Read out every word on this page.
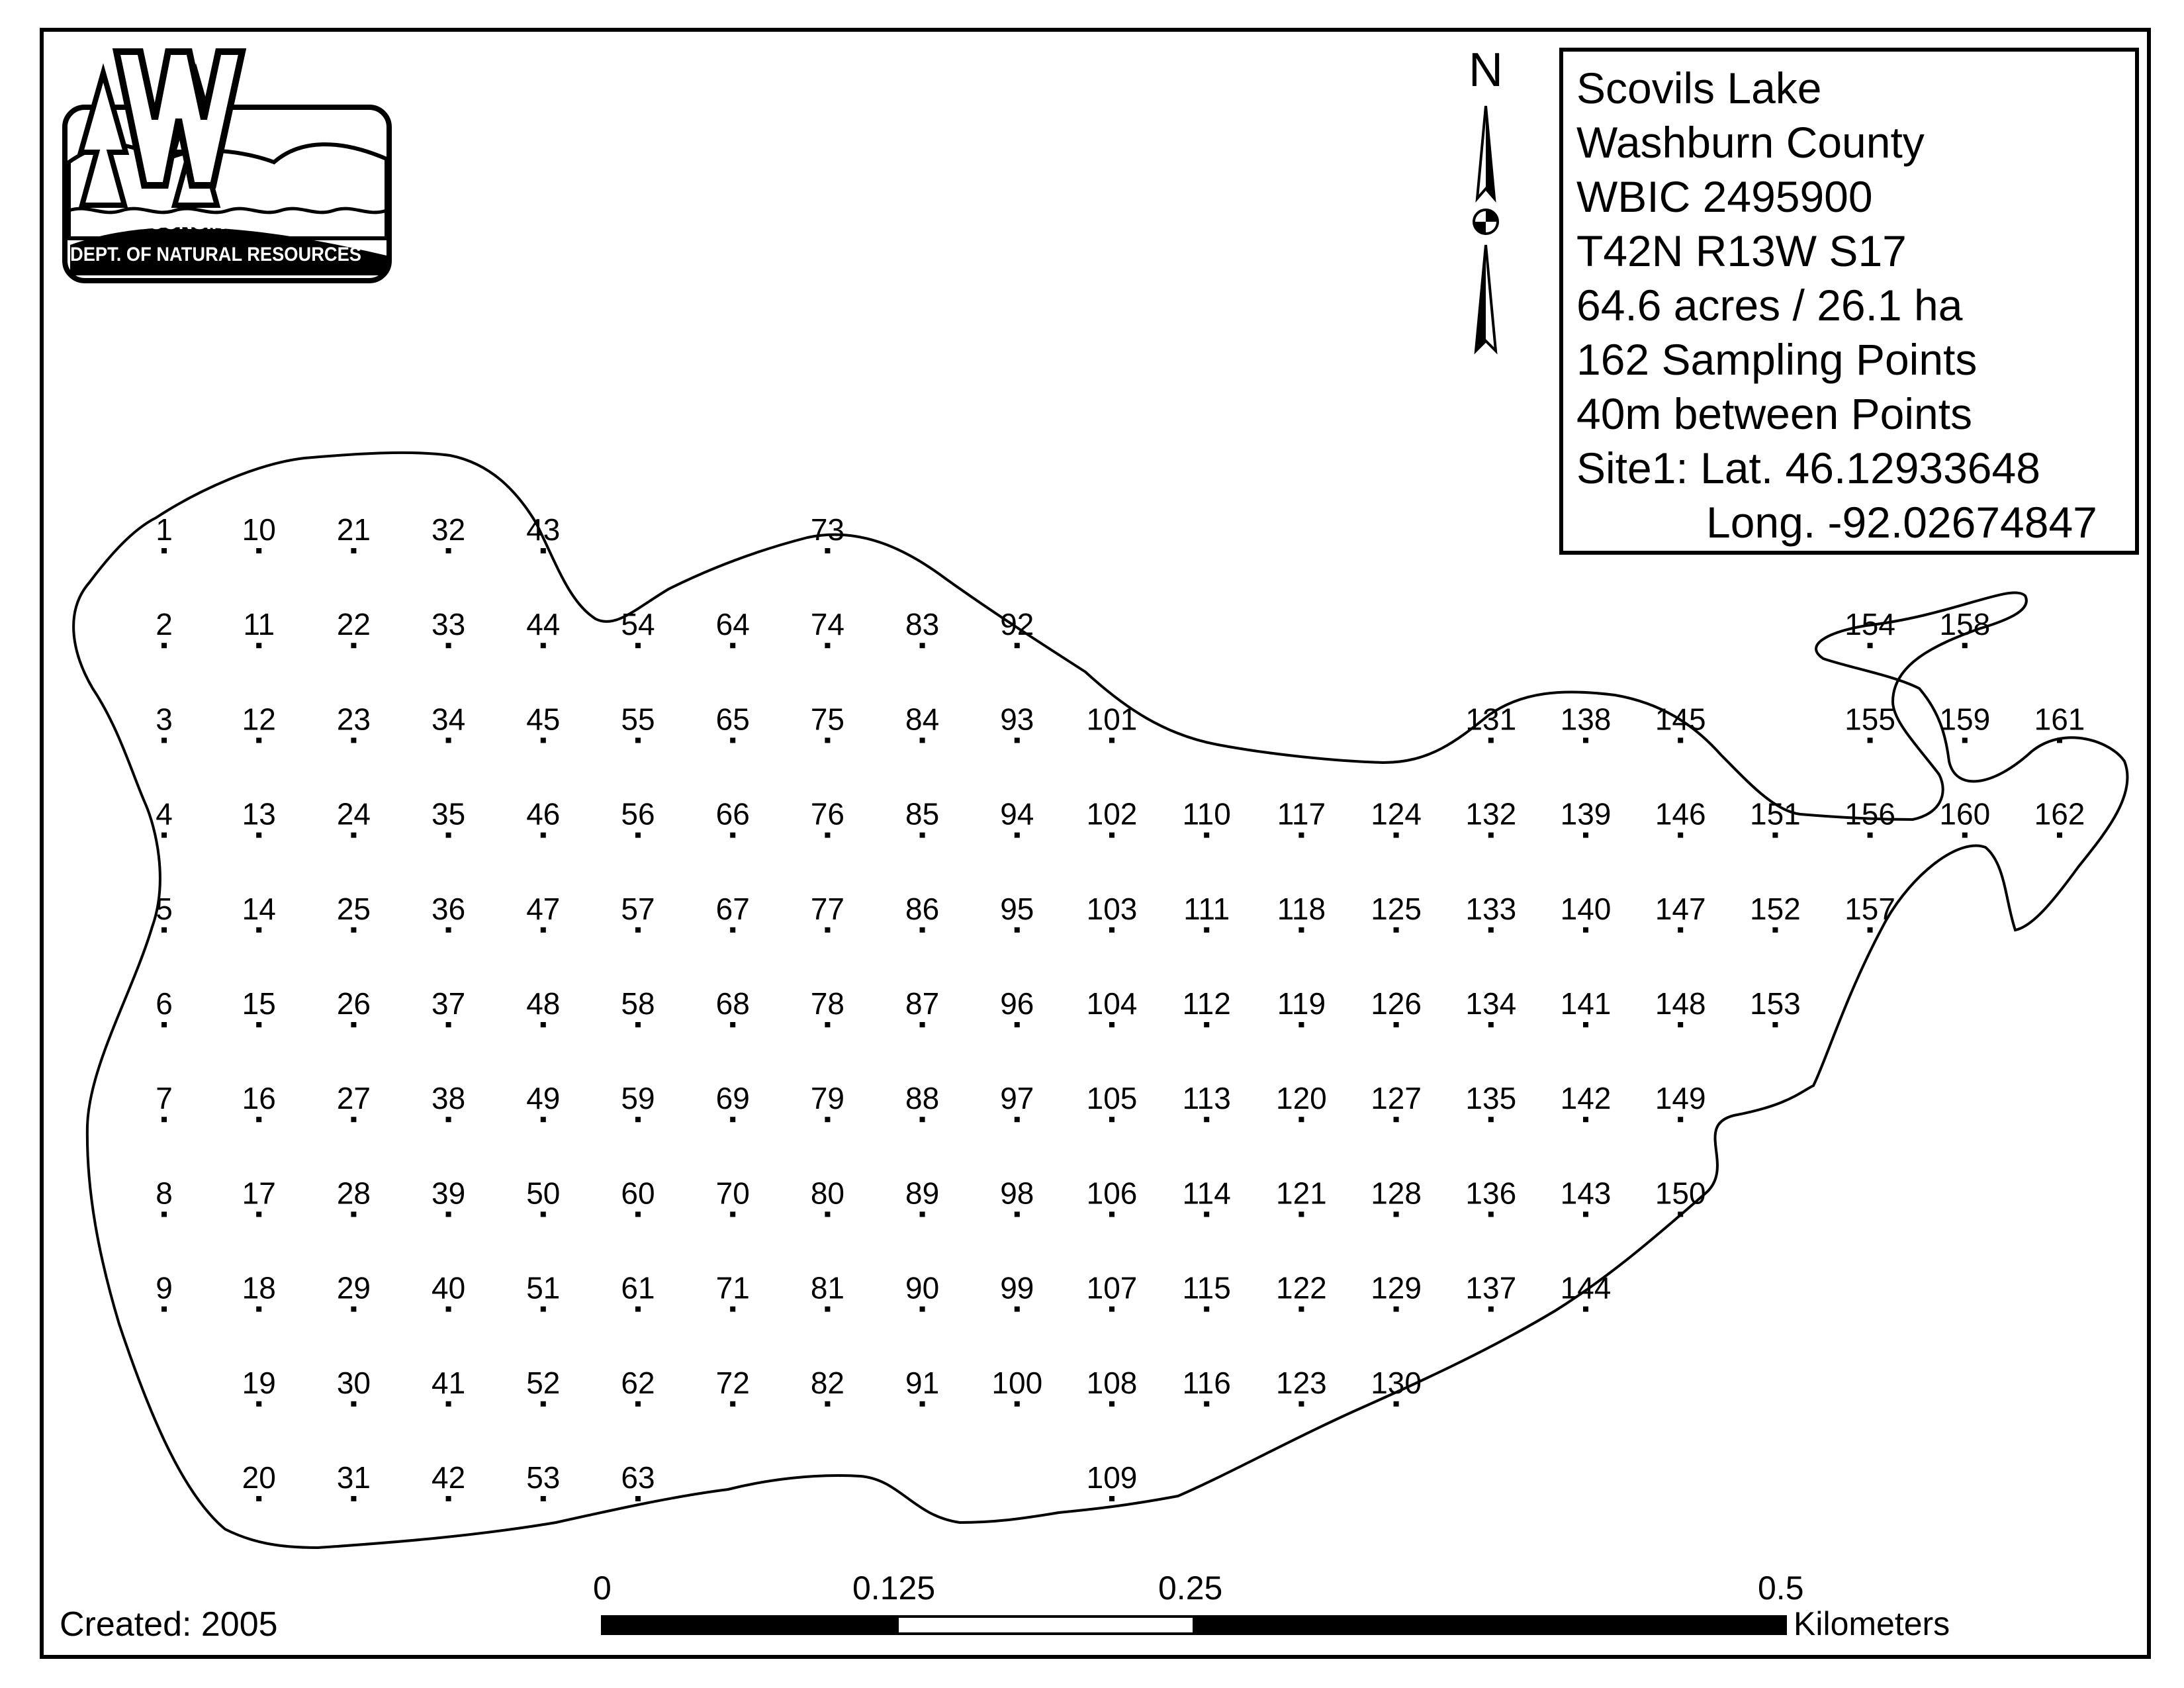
1
2
3
4
5
6
7
8
9
10
11
12
13
14
15
16
17
18
19
20
21
22
23
24
25
26
27
28
29
30
31
32
33
34
35
36
37
38
39
40
41
42
43
44
45
46
47
48
49
50
51
52
53
54
55
56
57
58
59
60
61
62
63
64
65
66
67
68
69
70
71
72
73
74
75
76
77
78
79
80
81
82
83
84
85
86
87
88
89
90
91
92
93
94
95
96
97
98
99
100
101
102
103
104
105
106
107
108
109
110
111
112
113
114
115
116
117
118
119
120
121
122
123
124
125
126
127
128
129
130
131
132
133
134
135
136
137
138
139
140
141
142
143
144
145
146
147
148
149
150
151
152
153
154
155
156
157
158
159
160
161
162
WISCONSIN
DEPT. OF NATURAL RESOURCES
N Scovils Lake
Washburn County
WBIC 2495900
T42N R13W S17
64.6 acres / 26.1 ha
162 Sampling Points
40m between Points
Site1: Lat. 46.12933648
Long. -92.02674847
Created: 2005
0	0.125	0.25	0.5
Kilometers
